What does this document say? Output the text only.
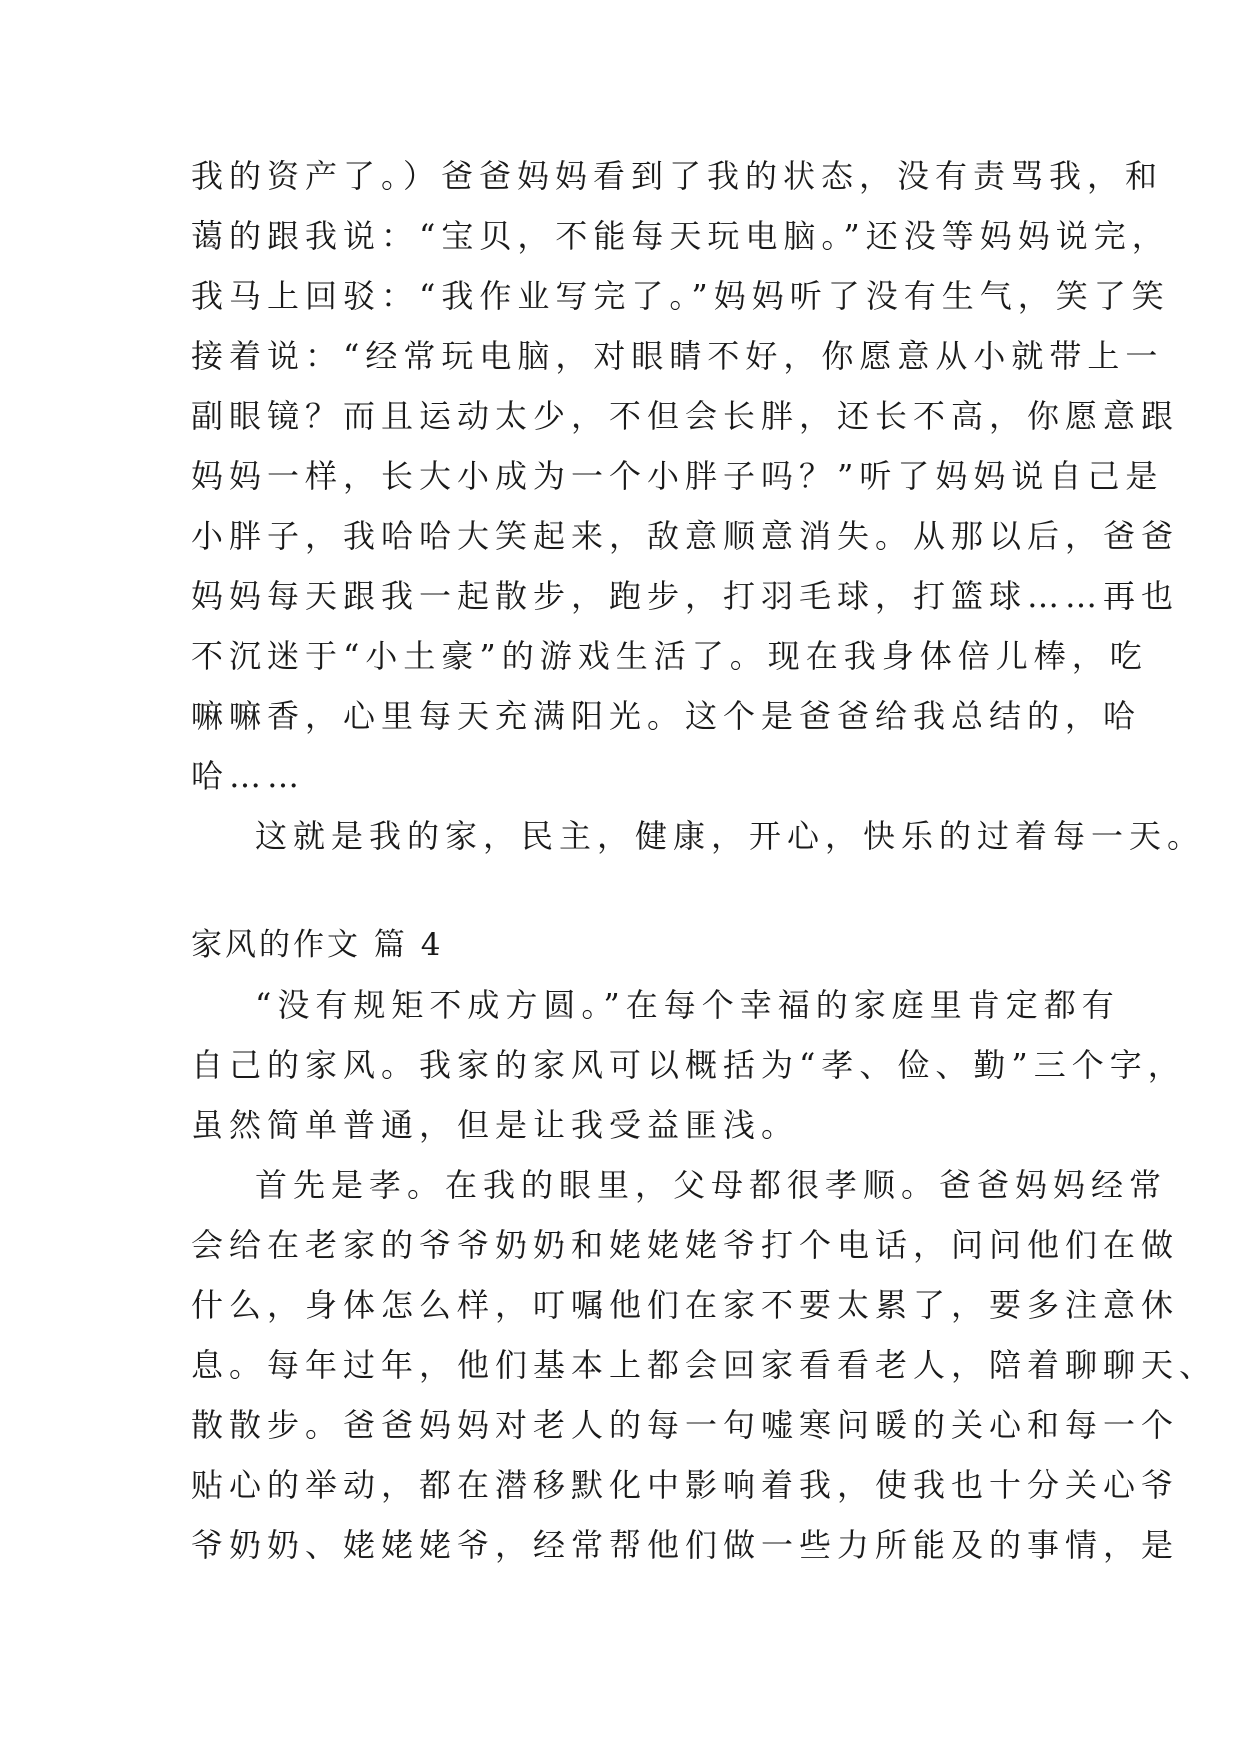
我的资产了。）爸爸妈妈看到了我的状态，没有责骂我，和
蔼的跟我说：“宝贝，不能每天玩电脑。”还没等妈妈说完，
我马上回驳：“我作业写完了。”妈妈听了没有生气，笑了笑
接着说：“经常玩电脑，对眼睛不好，你愿意从小就带上一
副眼镜？而且运动太少，不但会长胖，还长不高，你愿意跟
妈妈一样，长大小成为一个小胖子吗？”听了妈妈说自己是
小胖子，我哈哈大笑起来，敌意顺意消失。从那以后，爸爸
妈妈每天跟我一起散步，跑步，打羽毛球，打篮球……再也
不沉迷于“小土豪”的游戏生活了。现在我身体倍儿棒，吃
嘛嘛香，心里每天充满阳光。这个是爸爸给我总结的，哈
哈……
这就是我的家，民主，健康，开心，快乐的过着每一天。
家风的作文 篇 4
“没有规矩不成方圆。”在每个幸福的家庭里肯定都有
自己的家风。我家的家风可以概括为“孝、俭、勤”三个字，
虽然简单普通，但是让我受益匪浅。
首先是孝。在我的眼里，父母都很孝顺。爸爸妈妈经常
会给在老家的爷爷奶奶和姥姥姥爷打个电话，问问他们在做
什么，身体怎么样，叮嘱他们在家不要太累了，要多注意休
息。每年过年，他们基本上都会回家看看老人，陪着聊聊天、
散散步。爸爸妈妈对老人的每一句嘘寒问暖的关心和每一个
贴心的举动，都在潜移默化中影响着我，使我也十分关心爷
爷奶奶、姥姥姥爷，经常帮他们做一些力所能及的事情，是
